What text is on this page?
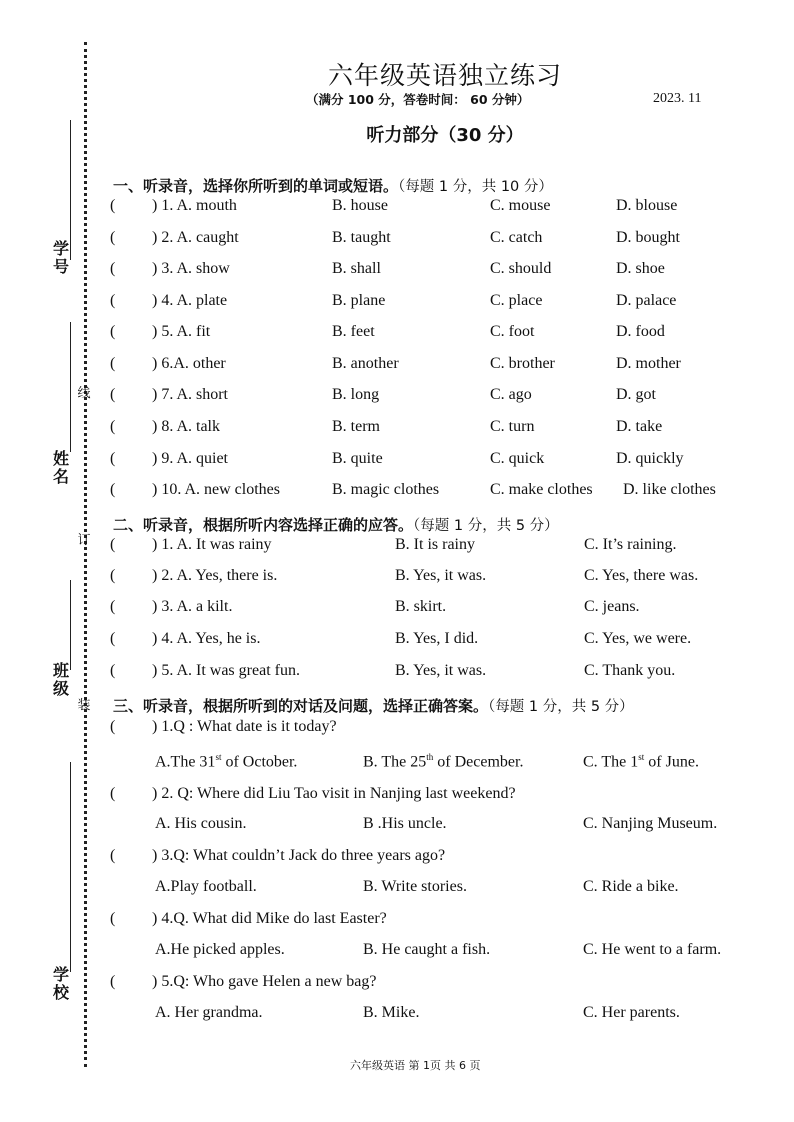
学号
线
姓名
订
班级
装
学校
六年级英语独立练习
（满分 100 分，答卷时间： 60 分钟）	2023. 11
听力部分（30 分）
一、听录音，选择你所听到的单词或短语。（每题 1 分，共 10 分）
( ) 1. A. mouth	B. house	C. mouse	D. blouse
( ) 2. A. caught	B. taught	C. catch	D. bought
( ) 3. A. show	B. shall	C. should	D. shoe
( ) 4. A. plate	B. plane	C. place	D. palace
( ) 5. A. fit	B. feet	C. foot	D. food
( ) 6.A. other	B. another	C. brother	D. mother
( ) 7. A. short	B. long	C. ago	D. got
( ) 8. A. talk	B. term	C. turn	D. take
( ) 9. A. quiet	B. quite	C. quick	D. quickly
( ) 10. A. new clothes	B. magic clothes	C. make clothes D. like clothes
二、听录音，根据所听内容选择正确的应答。（每题 1 分，共 5 分）
( ) 1. A. It was rainy	B. It is rainy	C. It’s raining.
( ) 2. A. Yes, there is.	B. Yes, it was.	C. Yes, there was.
( ) 3. A. a kilt.	B. skirt.	C. jeans.
( ) 4. A. Yes, he is.	B. Yes, I did.	C. Yes, we were.
( ) 5. A. It was great fun.	B. Yes, it was.	C. Thank you.
三、听录音，根据所听到的对话及问题，选择正确答案。（每题 1 分，共 5 分）
( ) 1.Q : What date is it today?
A.The 31st of October.	B. The 25th of December.	C. The 1st of June.
( ) 2. Q: Where did Liu Tao visit in Nanjing last weekend?
A. His cousin.	B .His uncle.	C. Nanjing Museum.
( ) 3.Q: What couldn’t Jack do three years ago?
A.Play football.	B. Write stories.	C. Ride a bike.
( ) 4.Q. What did Mike do last Easter?
A.He picked apples.	B. He caught a fish.	C. He went to a farm.
( ) 5.Q: Who gave Helen a new bag?
A. Her grandma.	B. Mike.	C. Her parents.
六年级英语 第 1页 共 6 页
